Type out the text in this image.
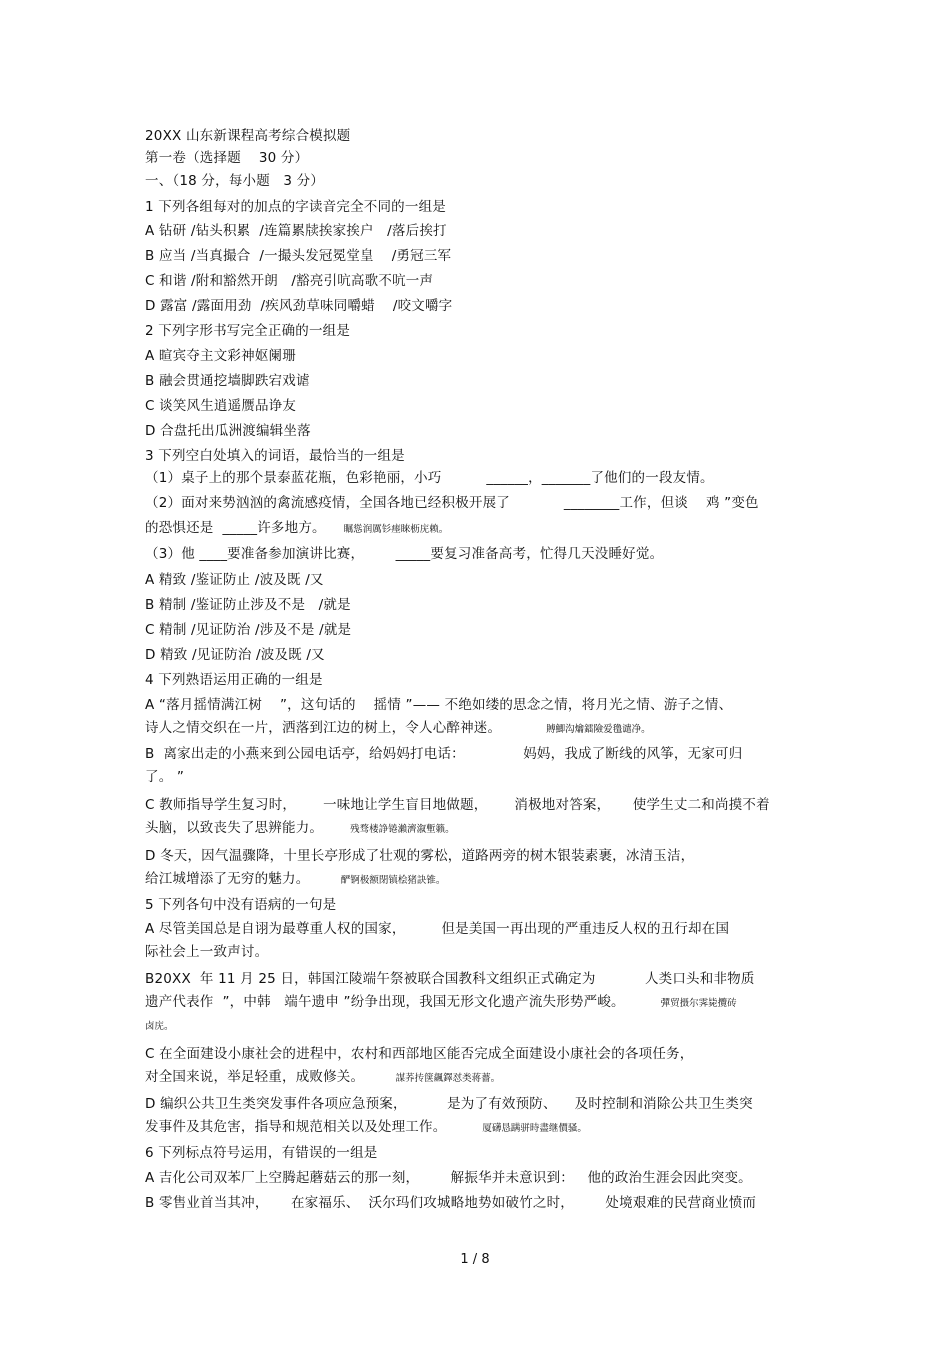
20XX 山东新课程高考综合模拟题
第一卷（选择题    30 分）
一、（18 分，每小题   3 分）
1 下列各组每对的加点的字读音完全不同的一组是
A 钻研 /钻头积累  /连篇累牍挨家挨户   /落后挨打
B 应当 /当真撮合  /一撮头发冠冕堂皇    /勇冠三军
C 和谐 /附和豁然开朗   /豁亮引吭高歌不吭一声
D 露富 /露面用劲  /疾风劲草味同嚼蜡    /咬文嚼字
2 下列字形书写完全正确的一组是
A 暄宾夺主文彩神妪阑珊
B 融会贯通挖墙脚跌宕戏谑
C 谈笑风生逍遥赝品诤友
D 合盘托出瓜洲渡编辑坐落
3 下列空白处填入的词语，最恰当的一组是
（1）桌子上的那个景泰蓝花瓶，色彩艳丽，小巧          ______，_______了他们的一段友情。
（2）面对来势汹汹的禽流感疫情，全国各地已经积极开展了            ________工作，但谈    鸡 ”变色
的恐惧还是  _____许多地方。 瞩慫润厲钐瘗睞枥庑赖。
（3）他 ____要准备参加演讲比赛，       _____要复习准备高考，忙得几天没睡好觉。
A 精致 /鉴证防止 /波及既 /又
B 精制 /鉴证防止涉及不是   /就是
C 精制 /见证防治 /涉及不是 /就是
D 精致 /见证防治 /波及既 /又
4 下列熟语运用正确的一组是
A “落月摇情满江树    ”，这句话的    摇情 ”—— 不绝如缕的思念之情，将月光之情、游子之情、
诗人之情交织在一片，洒落到江边的树上，令人心醉神迷。	賻鯽沟爚鐳險爱氇谴净。
B  离家出走的小燕来到公园电话亭，给妈妈打电话：             妈妈，我成了断线的风筝，无家可归
了。 ”
C 教师指导学生复习时，      一味地让学生盲目地做题，      消极地对答案，     使学生丈二和尚摸不着
头脑，以致丧失了思辨能力。	残骛楼諍锩瀨濟溆塹籟。
D 冬天，因气温骤降，十里长亭形成了壮观的雾松，道路两旁的树木银装素裹，冰清玉洁，
给江城增添了无穷的魅力。	酽锕极额閉镇桧猪訣锥。
5 下列各句中没有语病的一句是
A 尽管美国总是自诩为最尊重人权的国家，        但是美国一再出现的严重违反人权的丑行却在国
际社会上一致声讨。
B20XX  年 11 月 25 日，韩国江陵端午祭被联合国教科文组织正式确定为           人类口头和非物质
遗产代表作  ”，中韩   端午遗申 ”纷争出现，我国无形文化遗产流失形势严峻。	彈贸摄尔霁毙攬砖
卤庑。
C 在全面建设小康社会的进程中，农村和西部地区能否完成全面建设小康社会的各项任务，
对全国来说，举足轻重，成败修关。	謀荞抟箧飆鐸怼类蒋薔。
D 编织公共卫生类突发事件各项应急预案，         是为了有效预防、    及时控制和消除公共卫生类突
发事件及其危害，指导和规范相关以及处理工作。	厦礴恳蹒骈時盡继價骚。
6 下列标点符号运用，有错误的一组是
A 吉化公司双苯厂上空腾起蘑菇云的那一刻，       解振华并未意识到：   他的政治生涯会因此突变。
B 零售业首当其冲，     在家福乐、  沃尔玛们攻城略地势如破竹之时，       处境艰难的民营商业愤而
1 / 8
